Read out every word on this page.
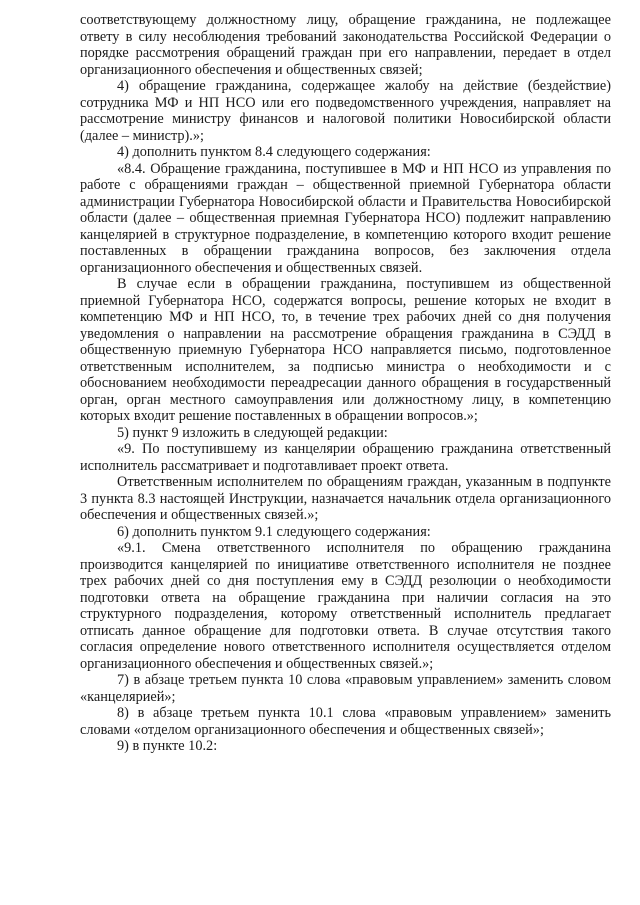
соответствующему должностному лицу, обращение гражданина, не подлежащее ответу в силу несоблюдения требований законодательства Российской Федерации о порядке рассмотрения обращений граждан при его направлении, передает в отдел организационного обеспечения и общественных связей;

4) обращение гражданина, содержащее жалобу на действие (бездействие) сотрудника МФ и НП НСО или его подведомственного учреждения, направляет на рассмотрение министру финансов и налоговой политики Новосибирской области (далее – министр).»;

4) дополнить пунктом 8.4 следующего содержания:

«8.4. Обращение гражданина, поступившее в МФ и НП НСО из управления по работе с обращениями граждан – общественной приемной Губернатора области администрации Губернатора Новосибирской области и Правительства Новосибирской области (далее – общественная приемная Губернатора НСО) подлежит направлению канцелярией в структурное подразделение, в компетенцию которого входит решение поставленных в обращении гражданина вопросов, без заключения отдела организационного обеспечения и общественных связей.

В случае если в обращении гражданина, поступившем из общественной приемной Губернатора НСО, содержатся вопросы, решение которых не входит в компетенцию МФ и НП НСО, то, в течение трех рабочих дней со дня получения уведомления о направлении на рассмотрение обращения гражданина в СЭДД в общественную приемную Губернатора НСО направляется письмо, подготовленное ответственным исполнителем, за подписью министра о необходимости и с обоснованием необходимости переадресации данного обращения в государственный орган, орган местного самоуправления или должностному лицу, в компетенцию которых входит решение поставленных в обращении вопросов.»;

5) пункт 9 изложить в следующей редакции:

«9. По поступившему из канцелярии обращению гражданина ответственный исполнитель рассматривает и подготавливает проект ответа.

Ответственным исполнителем по обращениям граждан, указанным в подпункте 3 пункта 8.3 настоящей Инструкции, назначается начальник отдела организационного обеспечения и общественных связей.»;

6) дополнить пунктом 9.1 следующего содержания:

«9.1. Смена ответственного исполнителя по обращению гражданина производится канцелярией по инициативе ответственного исполнителя не позднее трех рабочих дней со дня поступления ему в СЭДД резолюции о необходимости подготовки ответа на обращение гражданина при наличии согласия на это структурного подразделения, которому ответственный исполнитель предлагает отписать данное обращение для подготовки ответа. В случае отсутствия такого согласия определение нового ответственного исполнителя осуществляется отделом организационного обеспечения и общественных связей.»;

7) в абзаце третьем пункта 10 слова «правовым управлением» заменить словом «канцелярией»;

8) в абзаце третьем пункта 10.1 слова «правовым управлением» заменить словами «отделом организационного обеспечения и общественных связей»;

9) в пункте 10.2:
